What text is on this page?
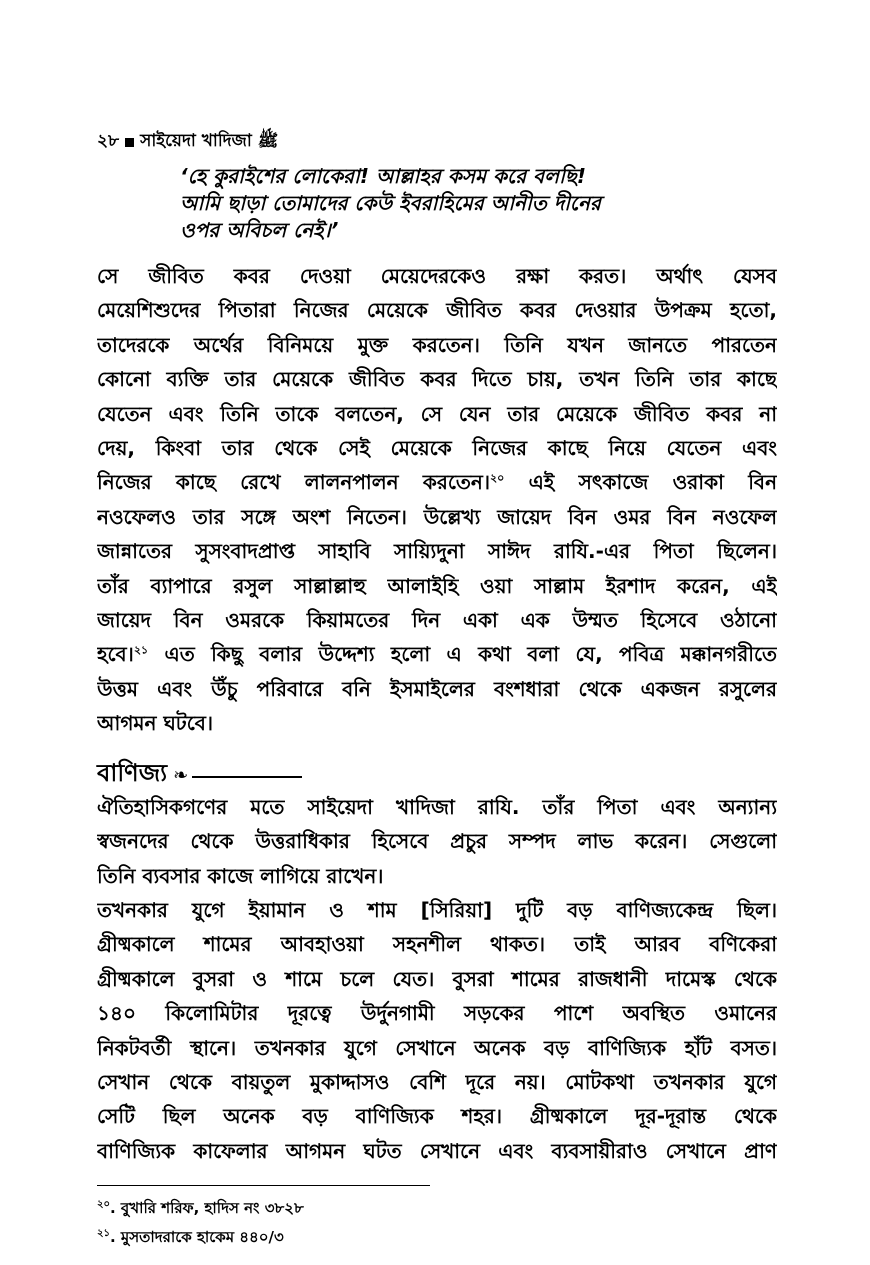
২৮ সাইয়েদা খাদিজা ﷺ
‘হে কুরাইশের লোকেরা! আল্লাহর কসম করে বলছি!
আমি ছাড়া তোমাদের কেউ ইবরাহিমের আনীত দীনের
ওপর অবিচল নেই।’
সে জীবিত কবর দেওয়া মেয়েদেরকেও রক্ষা করত। অর্থাৎ যেসব
মেয়েশিশুদের পিতারা নিজের মেয়েকে জীবিত কবর দেওয়ার উপক্রম হতো,
তাদেরকে অর্থের বিনিময়ে মুক্ত করতেন। তিনি যখন জানতে পারতেন
কোনো ব্যক্তি তার মেয়েকে জীবিত কবর দিতে চায়, তখন তিনি তার কাছে
যেতেন এবং তিনি তাকে বলতেন, সে যেন তার মেয়েকে জীবিত কবর না
দেয়, কিংবা তার থেকে সেই মেয়েকে নিজের কাছে নিয়ে যেতেন এবং
নিজের কাছে রেখে লালনপালন করতেন।$^{২০}$ এই সৎকাজে ওরাকা বিন
নওফেলও তার সঙ্গে অংশ নিতেন। উল্লেখ্য জায়েদ বিন ওমর বিন নওফেল
জান্নাতের সুসংবাদপ্রাপ্ত সাহাবি সায়্যিদুনা সাঈদ রাযি.-এর পিতা ছিলেন।
তাঁর ব্যাপারে রসুল সাল্লাল্লাহু আলাইহি ওয়া সাল্লাম ইরশাদ করেন, এই
জায়েদ বিন ওমরকে কিয়ামতের দিন একা এক উম্মত হিসেবে ওঠানো
হবে।$^{২১}$ এত কিছু বলার উদ্দেশ্য হলো এ কথা বলা যে, পবিত্র মক্কানগরীতে
উত্তম এবং উঁচু পরিবারে বনি ইসমাইলের বংশধারা থেকে একজন রসুলের
আগমন ঘটবে।
বাণিজ্য ❧
ঐতিহাসিকগণের মতে সাইয়েদা খাদিজা রাযি. তাঁর পিতা এবং অন্যান্য
স্বজনদের থেকে উত্তরাধিকার হিসেবে প্রচুর সম্পদ লাভ করেন। সেগুলো
তিনি ব্যবসার কাজে লাগিয়ে রাখেন।
তখনকার যুগে ইয়ামান ও শাম [সিরিয়া] দুটি বড় বাণিজ্যকেন্দ্র ছিল।
গ্রীষ্মকালে শামের আবহাওয়া সহনশীল থাকত। তাই আরব বণিকেরা
গ্রীষ্মকালে বুসরা ও শামে চলে যেত। বুসরা শামের রাজধানী দামেস্ক থেকে
১৪০ কিলোমিটার দূরত্বে উর্দুনগামী সড়কের পাশে অবস্থিত ওমানের
নিকটবর্তী স্থানে। তখনকার যুগে সেখানে অনেক বড় বাণিজ্যিক হাঁট বসত।
সেখান থেকে বায়তুল মুকাদ্দাসও বেশি দূরে নয়। মোটকথা তখনকার যুগে
সেটি ছিল অনেক বড় বাণিজ্যিক শহর। গ্রীষ্মকালে দূর-দূরান্ত থেকে
বাণিজ্যিক কাফেলার আগমন ঘটত সেখানে এবং ব্যবসায়ীরাও সেখানে প্রাণ
$^{২০}$. বুখারি শরিফ, হাদিস নং ৩৮২৮
$^{২১}$. মুসতাদরাকে হাকেম ৪৪০/৩
